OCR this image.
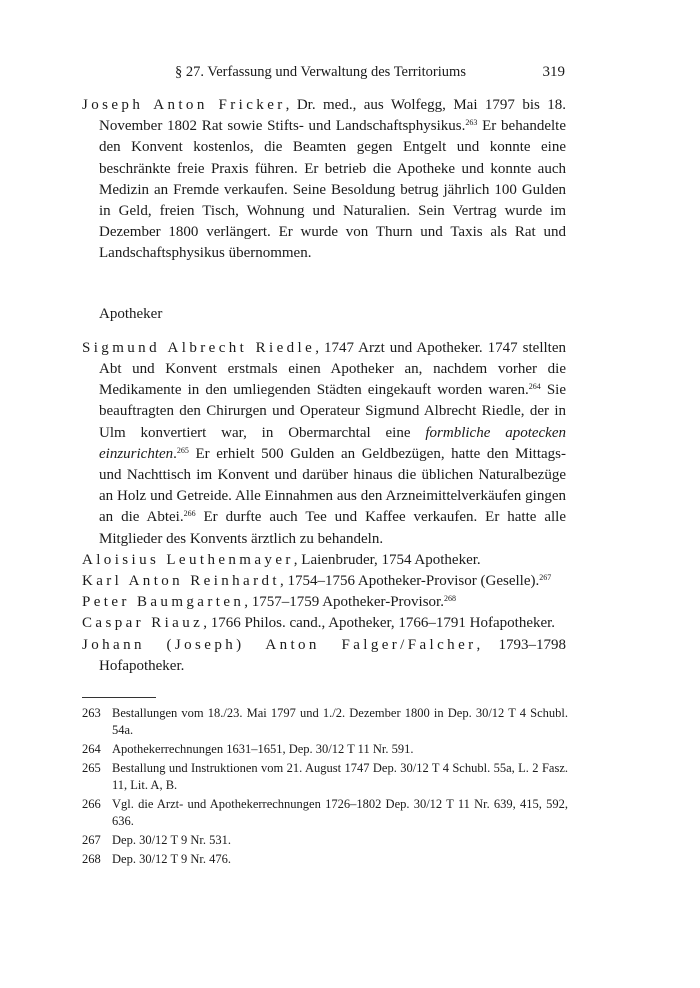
§ 27. Verfassung und Verwaltung des Territoriums	319

Joseph Anton Fricker, Dr. med., aus Wolfegg, Mai 1797 bis 18. November 1802 Rat sowie Stifts- und Landschaftsphysikus.$^{263}$ Er behandelte den Konvent kostenlos, die Beamten gegen Entgelt und konnte eine beschränkte freie Praxis führen. Er betrieb die Apotheke und konnte auch Medizin an Fremde verkaufen. Seine Besoldung betrug jährlich 100 Gulden in Geld, freien Tisch, Wohnung und Naturalien. Sein Vertrag wurde im Dezember 1800 verlängert. Er wurde von Thurn und Taxis als Rat und Landschaftsphysikus übernommen.

Apotheker

Sigmund Albrecht Riedle, 1747 Arzt und Apotheker. 1747 stellten Abt und Konvent erstmals einen Apotheker an, nachdem vorher die Medikamente in den umliegenden Städten eingekauft worden waren.$^{264}$ Sie beauftragten den Chirurgen und Operateur Sigmund Albrecht Riedle, der in Ulm konvertiert war, in Obermarchtal eine formbliche apotecken einzurichten.$^{265}$ Er erhielt 500 Gulden an Geldbezügen, hatte den Mittags- und Nachttisch im Konvent und darüber hinaus die üblichen Naturalbezüge an Holz und Getreide. Alle Einnahmen aus den Arzneimittelverkäufen gingen an die Abtei.$^{266}$ Er durfte auch Tee und Kaffee verkaufen. Er hatte alle Mitglieder des Konvents ärztlich zu behandeln.

Aloisius Leuthenmayer, Laienbruder, 1754 Apotheker.

Karl Anton Reinhardt, 1754–1756 Apotheker-Provisor (Geselle).$^{267}$

Peter Baumgarten, 1757–1759 Apotheker-Provisor.$^{268}$

Caspar Riauz, 1766 Philos. cand., Apotheker, 1766–1791 Hofapotheker.

Johann (Joseph) Anton Falger/Falcher, 1793–1798 Hofapotheker.

263 Bestallungen vom 18./23. Mai 1797 und 1./2. Dezember 1800 in Dep. 30/12 T 4 Schubl. 54a.
264 Apothekerrechnungen 1631–1651, Dep. 30/12 T 11 Nr. 591.
265 Bestallung und Instruktionen vom 21. August 1747 Dep. 30/12 T 4 Schubl. 55a, L. 2 Fasz. 11, Lit. A, B.
266 Vgl. die Arzt- und Apothekerrechnungen 1726–1802 Dep. 30/12 T 11 Nr. 639, 415, 592, 636.
267 Dep. 30/12 T 9 Nr. 531.
268 Dep. 30/12 T 9 Nr. 476.
